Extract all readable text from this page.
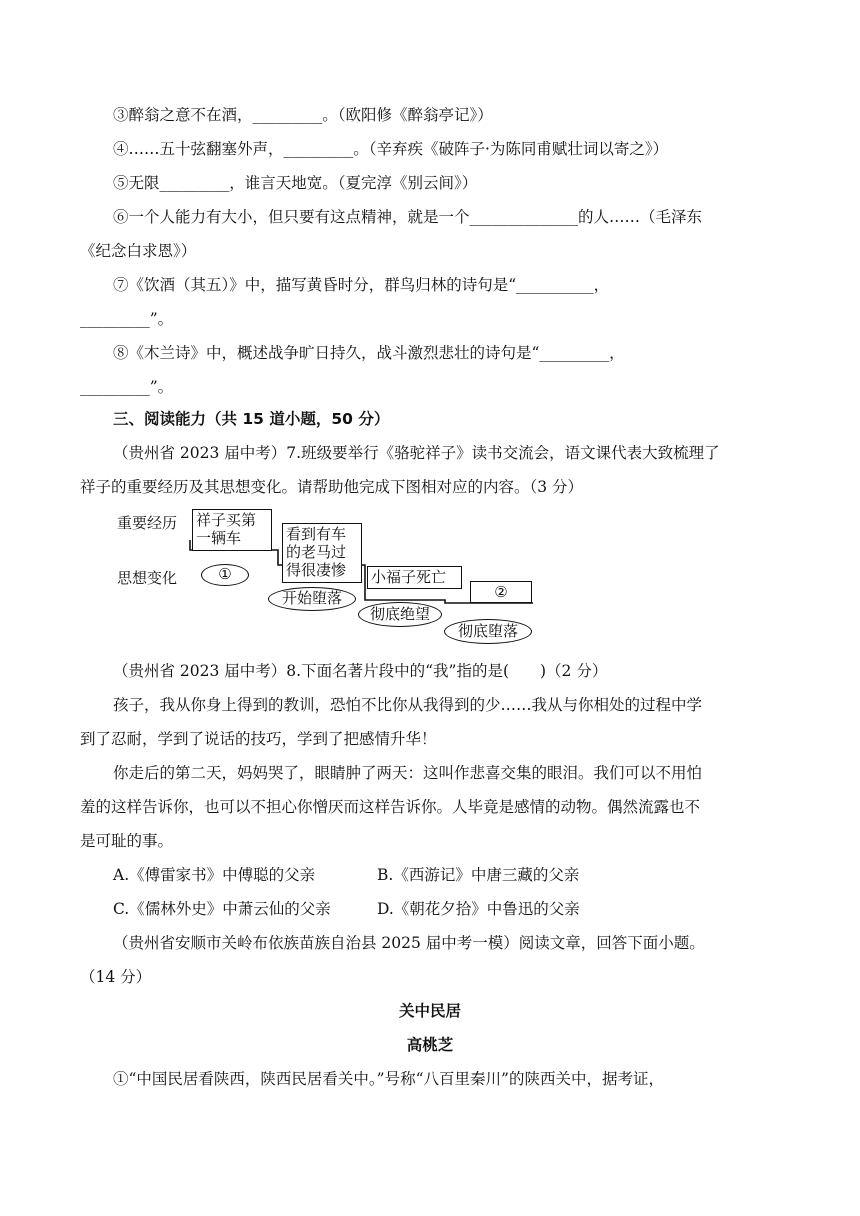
③醉翁之意不在酒，_________。（欧阳修《醉翁亭记》）
④……五十弦翻塞外声，_________。（辛弃疾《破阵子·为陈同甫赋壮词以寄之》）
⑤无限_________，谁言天地宽。（夏完淳《别云间》）
⑥一个人能力有大小，但只要有这点精神，就是一个______________的人……（毛泽东
《纪念白求恩》）
⑦《饮酒（其五）》中，描写黄昏时分，群鸟归林的诗句是“__________，
_________”。
⑧《木兰诗》中，概述战争旷日持久，战斗激烈悲壮的诗句是“_________，
_________”。
三、阅读能力（共 15 道小题，50 分）
（贵州省 2023 届中考）7.班级要举行《骆驼祥子》读书交流会，语文课代表大致梳理了
祥子的重要经历及其思想变化。请帮助他完成下图相对应的内容。（3 分）
重要经历
思想变化
祥子买第
一辆车	看到有车
的老马过
得很凄惨	小福子死亡
②
①
开始堕落
彻底绝望
彻底堕落
（贵州省 2023 届中考）8.下面名著片段中的“我”指的是(　　)（2 分）
孩子，我从你身上得到的教训，恐怕不比你从我得到的少……我从与你相处的过程中学
到了忍耐，学到了说话的技巧，学到了把感情升华！
你走后的第二天，妈妈哭了，眼睛肿了两天：这叫作悲喜交集的眼泪。我们可以不用怕
羞的这样告诉你，也可以不担心你憎厌而这样告诉你。人毕竟是感情的动物。偶然流露也不
是可耻的事。
A.《傅雷家书》中傅聪的父亲	B.《西游记》中唐三藏的父亲
C.《儒林外史》中萧云仙的父亲	D.《朝花夕拾》中鲁迅的父亲
（贵州省安顺市关岭布依族苗族自治县 2025 届中考一模）阅读文章，回答下面小题。
（14 分）
关中民居
高桃芝
①“中国民居看陕西，陕西民居看关中。”号称“八百里秦川”的陕西关中，据考证，
